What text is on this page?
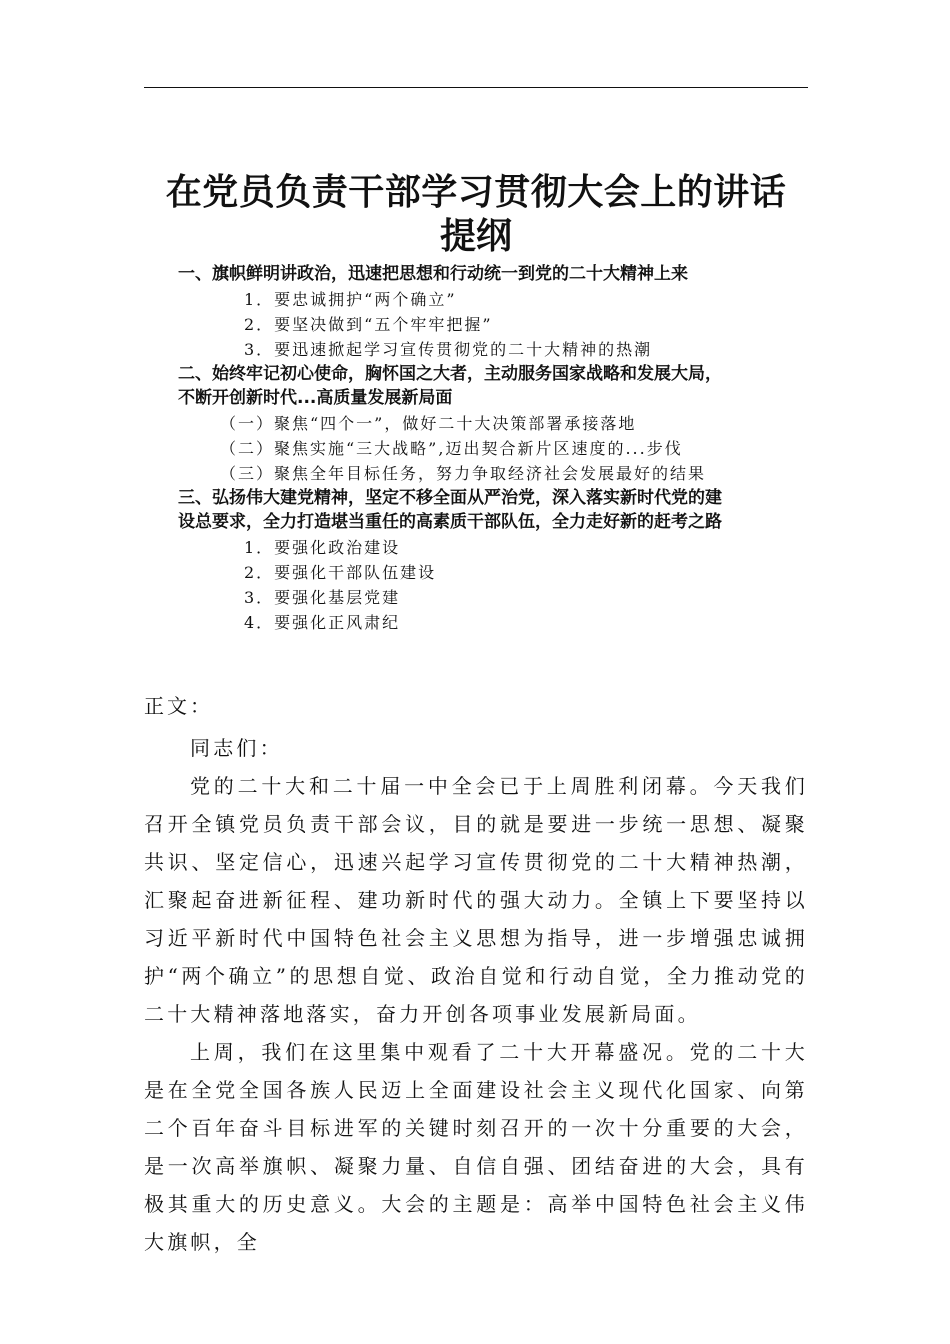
在党员负责干部学习贯彻大会上的讲话
提纲

一、旗帜鲜明讲政治，迅速把思想和行动统一到党的二十大精神上来

1．要忠诚拥护“两个确立”
2．要坚决做到“五个牢牢把握”
3．要迅速掀起学习宣传贯彻党的二十大精神的热潮

二、始终牢记初心使命，胸怀国之大者，主动服务国家战略和发展大局，

不断开创新时代...高质量发展新局面

（一）聚焦“四个一”，做好二十大决策部署承接落地
（二）聚焦实施“三大战略”,迈出契合新片区速度的...步伐
（三）聚焦全年目标任务，努力争取经济社会发展最好的结果

三、弘扬伟大建党精神，坚定不移全面从严治党，深入落实新时代党的建

设总要求，全力打造堪当重任的高素质干部队伍，全力走好新的赶考之路

1．要强化政治建设
2．要强化干部队伍建设
3．要强化基层党建
4．要强化正风肃纪
正文：

同志们：

党的二十大和二十届一中全会已于上周胜利闭幕。今天我们召开全镇党员负责干部会议，目的就是要进一步统一思想、凝聚共识、坚定信心，迅速兴起学习宣传贯彻党的二十大精神热潮，汇聚起奋进新征程、建功新时代的强大动力。全镇上下要坚持以习近平新时代中国特色社会主义思想为指导，进一步增强忠诚拥护“两个确立”的思想自觉、政治自觉和行动自觉，全力推动党的二十大精神落地落实，奋力开创各项事业发展新局面。

上周，我们在这里集中观看了二十大开幕盛况。党的二十大是在全党全国各族人民迈上全面建设社会主义现代化国家、向第二个百年奋斗目标进军的关键时刻召开的一次十分重要的大会，是一次高举旗帜、凝聚力量、自信自强、团结奋进的大会，具有极其重大的历史意义。大会的主题是：高举中国特色社会主义伟大旗帜，全
